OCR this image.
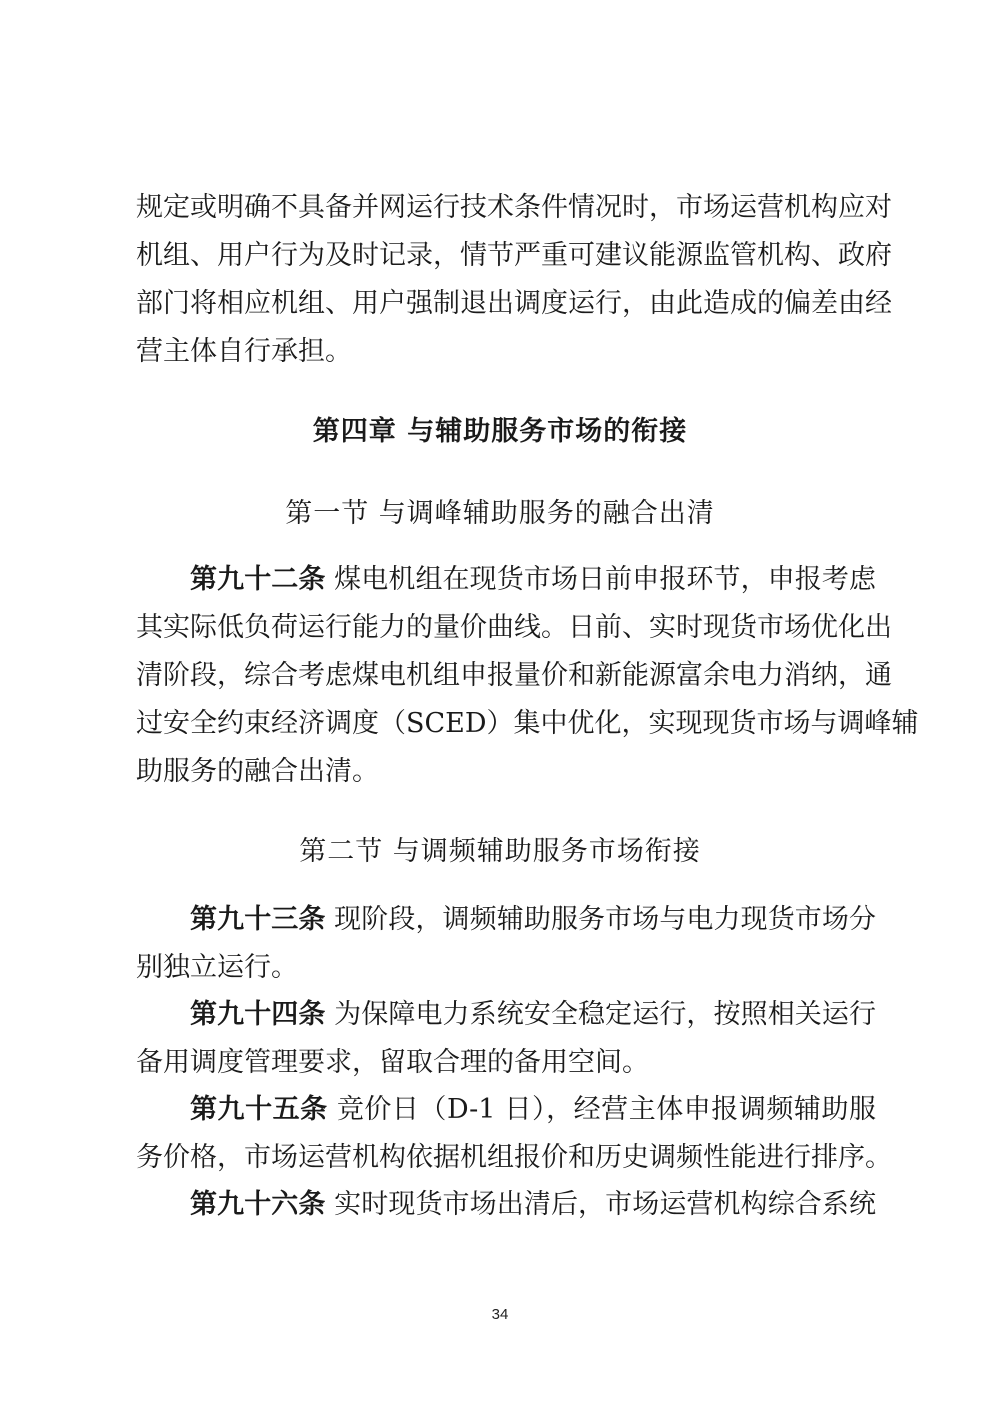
规定或明确不具备并网运行技术条件情况时，市场运营机构应对
机组、用户行为及时记录，情节严重可建议能源监管机构、政府
部门将相应机组、用户强制退出调度运行，由此造成的偏差由经
营主体自行承担。
第四章 与辅助服务市场的衔接
第一节 与调峰辅助服务的融合出清
第九十二条 煤电机组在现货市场日前申报环节，申报考虑
其实际低负荷运行能力的量价曲线。日前、实时现货市场优化出
清阶段，综合考虑煤电机组申报量价和新能源富余电力消纳，通
过安全约束经济调度（SCED）集中优化，实现现货市场与调峰辅
助服务的融合出清。
第二节 与调频辅助服务市场衔接
第九十三条 现阶段，调频辅助服务市场与电力现货市场分
别独立运行。
第九十四条 为保障电力系统安全稳定运行，按照相关运行
备用调度管理要求，留取合理的备用空间。
第九十五条 竞价日（D-1 日），经营主体申报调频辅助服
务价格，市场运营机构依据机组报价和历史调频性能进行排序。
第九十六条 实时现货市场出清后，市场运营机构综合系统
34
